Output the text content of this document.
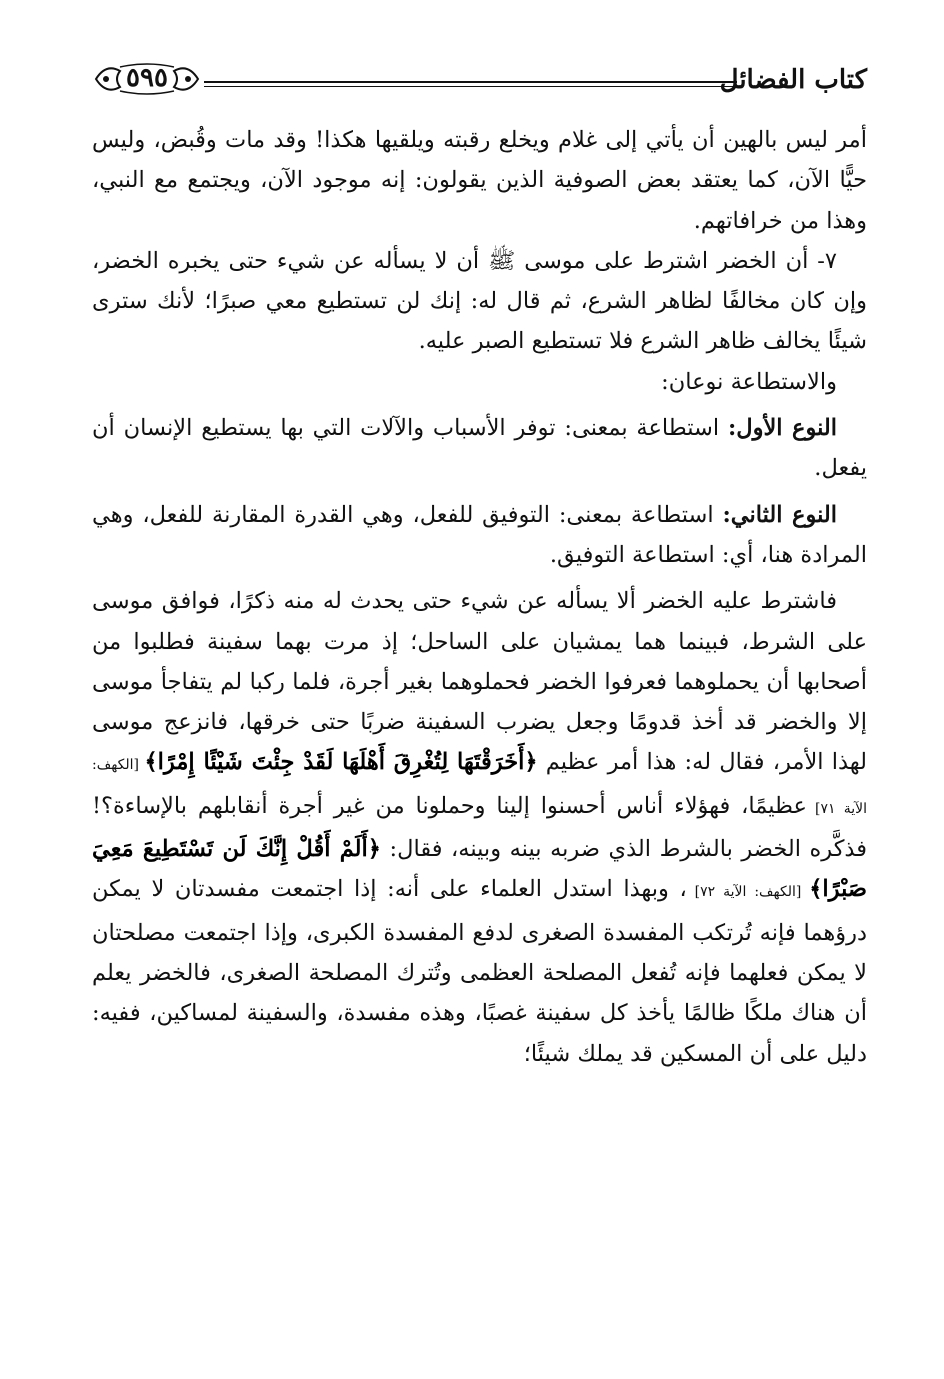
كتاب الفضائل
٥٩٥

أمر ليس بالهين أن يأتي إلى غلام ويخلع رقبته ويلقيها هكذا! وقد مات وقُبض، وليس حيًّا الآن، كما يعتقد بعض الصوفية الذين يقولون: إنه موجود الآن، ويجتمع مع النبي، وهذا من خرافاتهم.

٧- أن الخضر اشترط على موسى ﷺ أن لا يسأله عن شيء حتى يخبره الخضر، وإن كان مخالفًا لظاهر الشرع، ثم قال له: إنك لن تستطيع معي صبرًا؛ لأنك سترى شيئًا يخالف ظاهر الشرع فلا تستطيع الصبر عليه.

والاستطاعة نوعان:

النوع الأول: استطاعة بمعنى: توفر الأسباب والآلات التي بها يستطيع الإنسان أن يفعل.

النوع الثاني: استطاعة بمعنى: التوفيق للفعل، وهي القدرة المقارنة للفعل، وهي المرادة هنا، أي: استطاعة التوفيق.

فاشترط عليه الخضر ألا يسأله عن شيء حتى يحدث له منه ذكرًا، فوافق موسى على الشرط، فبينما هما يمشيان على الساحل؛ إذ مرت بهما سفينة فطلبوا من أصحابها أن يحملوهما فعرفوا الخضر فحملوهما بغير أجرة، فلما ركبا لم يتفاجأ موسى إلا والخضر قد أخذ قدومًا وجعل يضرب السفينة ضربًا حتى خرقها، فانزعج موسى لهذا الأمر، فقال له: هذا أمر عظيم ﴿أَخَرَقْتَهَا لِتُغْرِقَ أَهْلَهَا لَقَدْ جِئْتَ شَيْئًا إِمْرًا﴾ [الكهف: الآية ٧١] عظيمًا، فهؤلاء أناس أحسنوا إلينا وحملونا من غير أجرة أنقابلهم بالإساءة؟! فذكَّره الخضر بالشرط الذي ضربه بينه وبينه، فقال: ﴿أَلَمْ أَقُلْ إِنَّكَ لَن تَسْتَطِيعَ مَعِيَ صَبْرًا﴾ [الكهف: الآية ٧٢] ، وبهذا استدل العلماء على أنه: إذا اجتمعت مفسدتان لا يمكن درؤهما فإنه تُرتكب المفسدة الصغرى لدفع المفسدة الكبرى، وإذا اجتمعت مصلحتان لا يمكن فعلهما فإنه تُفعل المصلحة العظمى وتُترك المصلحة الصغرى، فالخضر يعلم أن هناك ملكًا ظالمًا يأخذ كل سفينة غصبًا، وهذه مفسدة، والسفينة لمساكين، ففيه: دليل على أن المسكين قد يملك شيئًا؛
